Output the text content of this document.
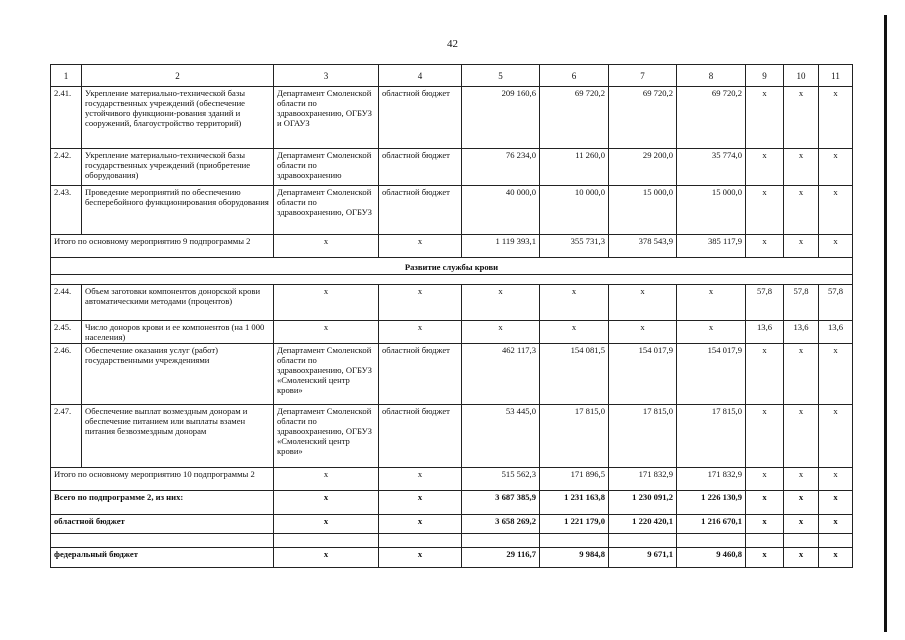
42
1	2	3	4	5	6	7	8	9	10	11
2.41.	Укрепление материально-технической базы государственных учреждений (обеспечение устойчивого функциони-рования зданий и сооружений, благоустройство территорий)	Департамент Смоленской области по здравоохранению, ОГБУЗ и ОГАУЗ	областной бюджет	209 160,6	69 720,2	69 720,2	69 720,2	х	х	х
2.42.	Укрепление материально-технической базы государственных учреждений (приобретение оборудования)	Департамент Смоленской области по здравоохранению	областной бюджет	76 234,0	11 260,0	29 200,0	35 774,0	х	х	х
2.43.	Проведение мероприятий по обеспечению бесперебойного функционирования оборудования	Департамент Смоленской области по здравоохранению, ОГБУЗ	областной бюджет	40 000,0	10 000,0	15 000,0	15 000,0	х	х	х
Итого по основному мероприятию 9 подпрограммы 2		х	х	1 119 393,1	355 731,3	378 543,9	385 117,9	х	х	х
Развитие службы крови										

2.44.	Объем заготовки компонентов донорской крови автоматическими методами (процентов)	х	х	х	х	х	х	57,8	57,8	57,8
2.45.	Число доноров крови и ее компонентов (на 1 000 населения)	х	х	х	х	х	х	13,6	13,6	13,6
2.46.	Обеспечение оказания услуг (работ) государственными учреждениями	Департамент Смоленской области по здравоохранению, ОГБУЗ «Смоленский центр крови»	областной бюджет	462 117,3	154 081,5	154 017,9	154 017,9	х	х	х
2.47.	Обеспечение выплат возмездным донорам и обеспечение питанием или выплаты взамен питания безвозмездным донорам	Департамент Смоленской области по здравоохранению, ОГБУЗ «Смоленский центр крови»	областной бюджет	53 445,0	17 815,0	17 815,0	17 815,0	х	х	х
Итого по основному мероприятию 10 подпрограммы 2		х	х	515 562,3	171 896,5	171 832,9	171 832,9	х	х	х
Всего по подпрограмме 2, из них:		х	х	3 687 385,9	1 231 163,8	1 230 091,2	1 226 130,9	х	х	х
областной бюджет		х	х	3 658 269,2	1 221 179,0	1 220 420,1	1 216 670,1	х	х	х

федеральный бюджет		х	х	29 116,7	9 984,8	9 671,1	9 460,8	х	х	х
